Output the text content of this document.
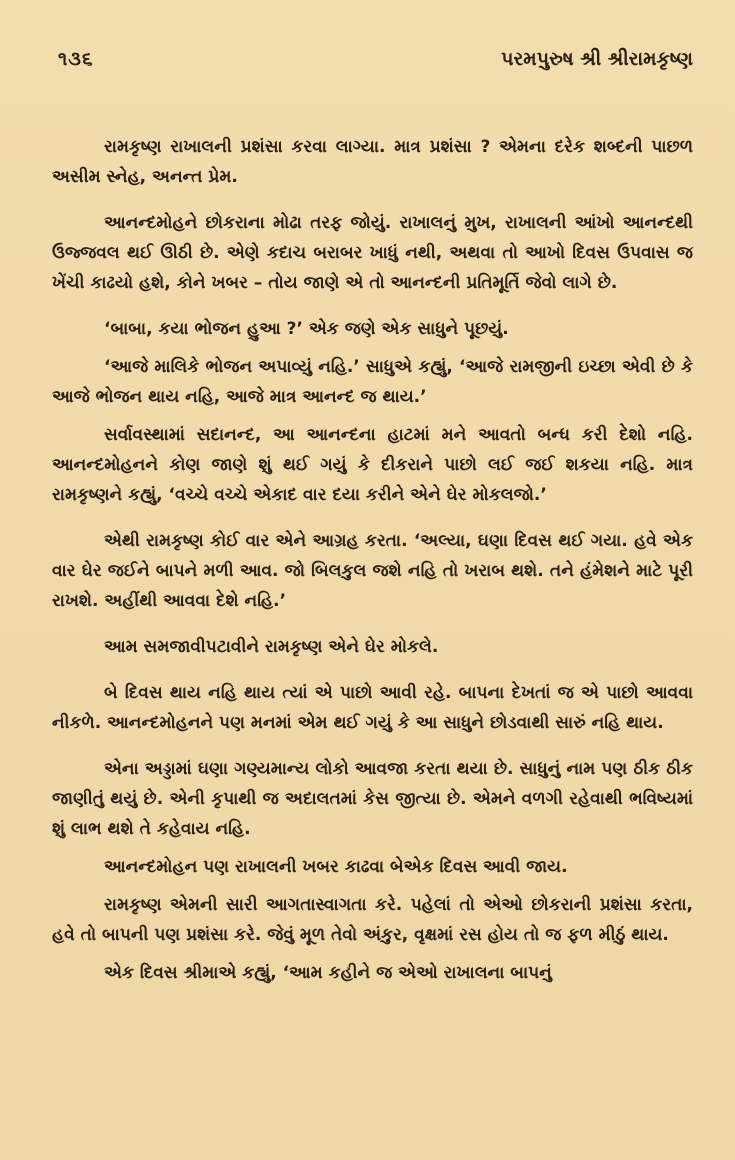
૧૩૬	પરમપુરુષ શ્રી શ્રીરામકૃષ્ણ

રામકૃષ્ણ રાખાલની પ્રશંસા કરવા લાગ્યા. માત્ર પ્રશંસા ? એમના દરેક શબ્દની પાછળ અસીમ સ્નેહ, અનન્ત પ્રેમ.

આનન્દમોહને છોકરાના મોઢા તરફ જોયું. રાખાલનું મુખ, રાખાલની આંખો આનન્દથી ઉજ્જવલ થઈ ઊઠી છે. એણે કદાચ બરાબર ખાધું નથી, અથવા તો આખો દિવસ ઉપવાસ જ ખેંચી કાઢયો હશે, કોને ખબર – તોય જાણે એ તો આનન્દની પ્રતિમૂર્તિ જેવો લાગે છે.

‘બાબા, કયા ભોજન હુઆ ?’ એક જણે એક સાધુને પૂછયું.

‘આજે માલિકે ભોજન અપાવ્યું નહિ.’ સાધુએ કહ્યું, ‘આજે રામજીની ઇચ્છા એવી છે કે આજે ભોજન થાય નહિ, આજે માત્ર આનન્દ જ થાય.’

સર્વાવસ્થામાં સદાનન્દ, આ આનન્દના હાટમાં મને આવતો બન્ધ કરી દેશો નહિ. આનન્દમોહનને કોણ જાણે શું થઈ ગયું કે દીકરાને પાછો લઈ જઈ શકયા નહિ. માત્ર રામકૃષ્ણને કહ્યું, ‘વચ્ચે વચ્ચે એકાદ વાર દયા કરીને એને ઘેર મોકલજો.’

એથી રામકૃષ્ણ કોઈ વાર એને આગ્રહ કરતા. ‘અલ્યા, ઘણા દિવસ થઈ ગયા. હવે એક વાર ઘેર જઈને બાપને મળી આવ. જો બિલકુલ જશે નહિ તો ખરાબ થશે. તને હંમેશને માટે પૂરી રાખશે. અહીંથી આવવા દેશે નહિ.’

આમ સમજાવીપટાવીને રામકૃષ્ણ એને ઘેર મોકલે.

બે દિવસ થાય નહિ થાય ત્યાં એ પાછો આવી રહે. બાપના દેખતાં જ એ પાછો આવવા નીકળે. આનન્દમોહનને પણ મનમાં એમ થઈ ગયું કે આ સાધુને છોડવાથી સારું નહિ થાય.

એના અડ્ડામાં ઘણા ગણ્યમાન્ય લોકો આવજા કરતા થયા છે. સાધુનું નામ પણ ઠીક ઠીક જાણીતું થયું છે. એની કૃપાથી જ અદાલતમાં કેસ જીત્યા છે. એમને વળગી રહેવાથી ભવિષ્યમાં શું લાભ થશે તે કહેવાય નહિ.

આનન્દમોહન પણ રાખાલની ખબર કાઢવા બેએક દિવસ આવી જાય.

રામકૃષ્ણ એમની સારી આગતાસ્વાગતા કરે. પહેલાં તો એઓ છોકરાની પ્રશંસા કરતા, હવે તો બાપની પણ પ્રશંસા કરે. જેવું મૂળ તેવો અંકુર, વૃક્ષમાં રસ હોય તો જ ફળ મીઠું થાય.

એક દિવસ શ્રીમાએ કહ્યું, ‘આમ કહીને જ એઓ રાખાલના બાપનું
